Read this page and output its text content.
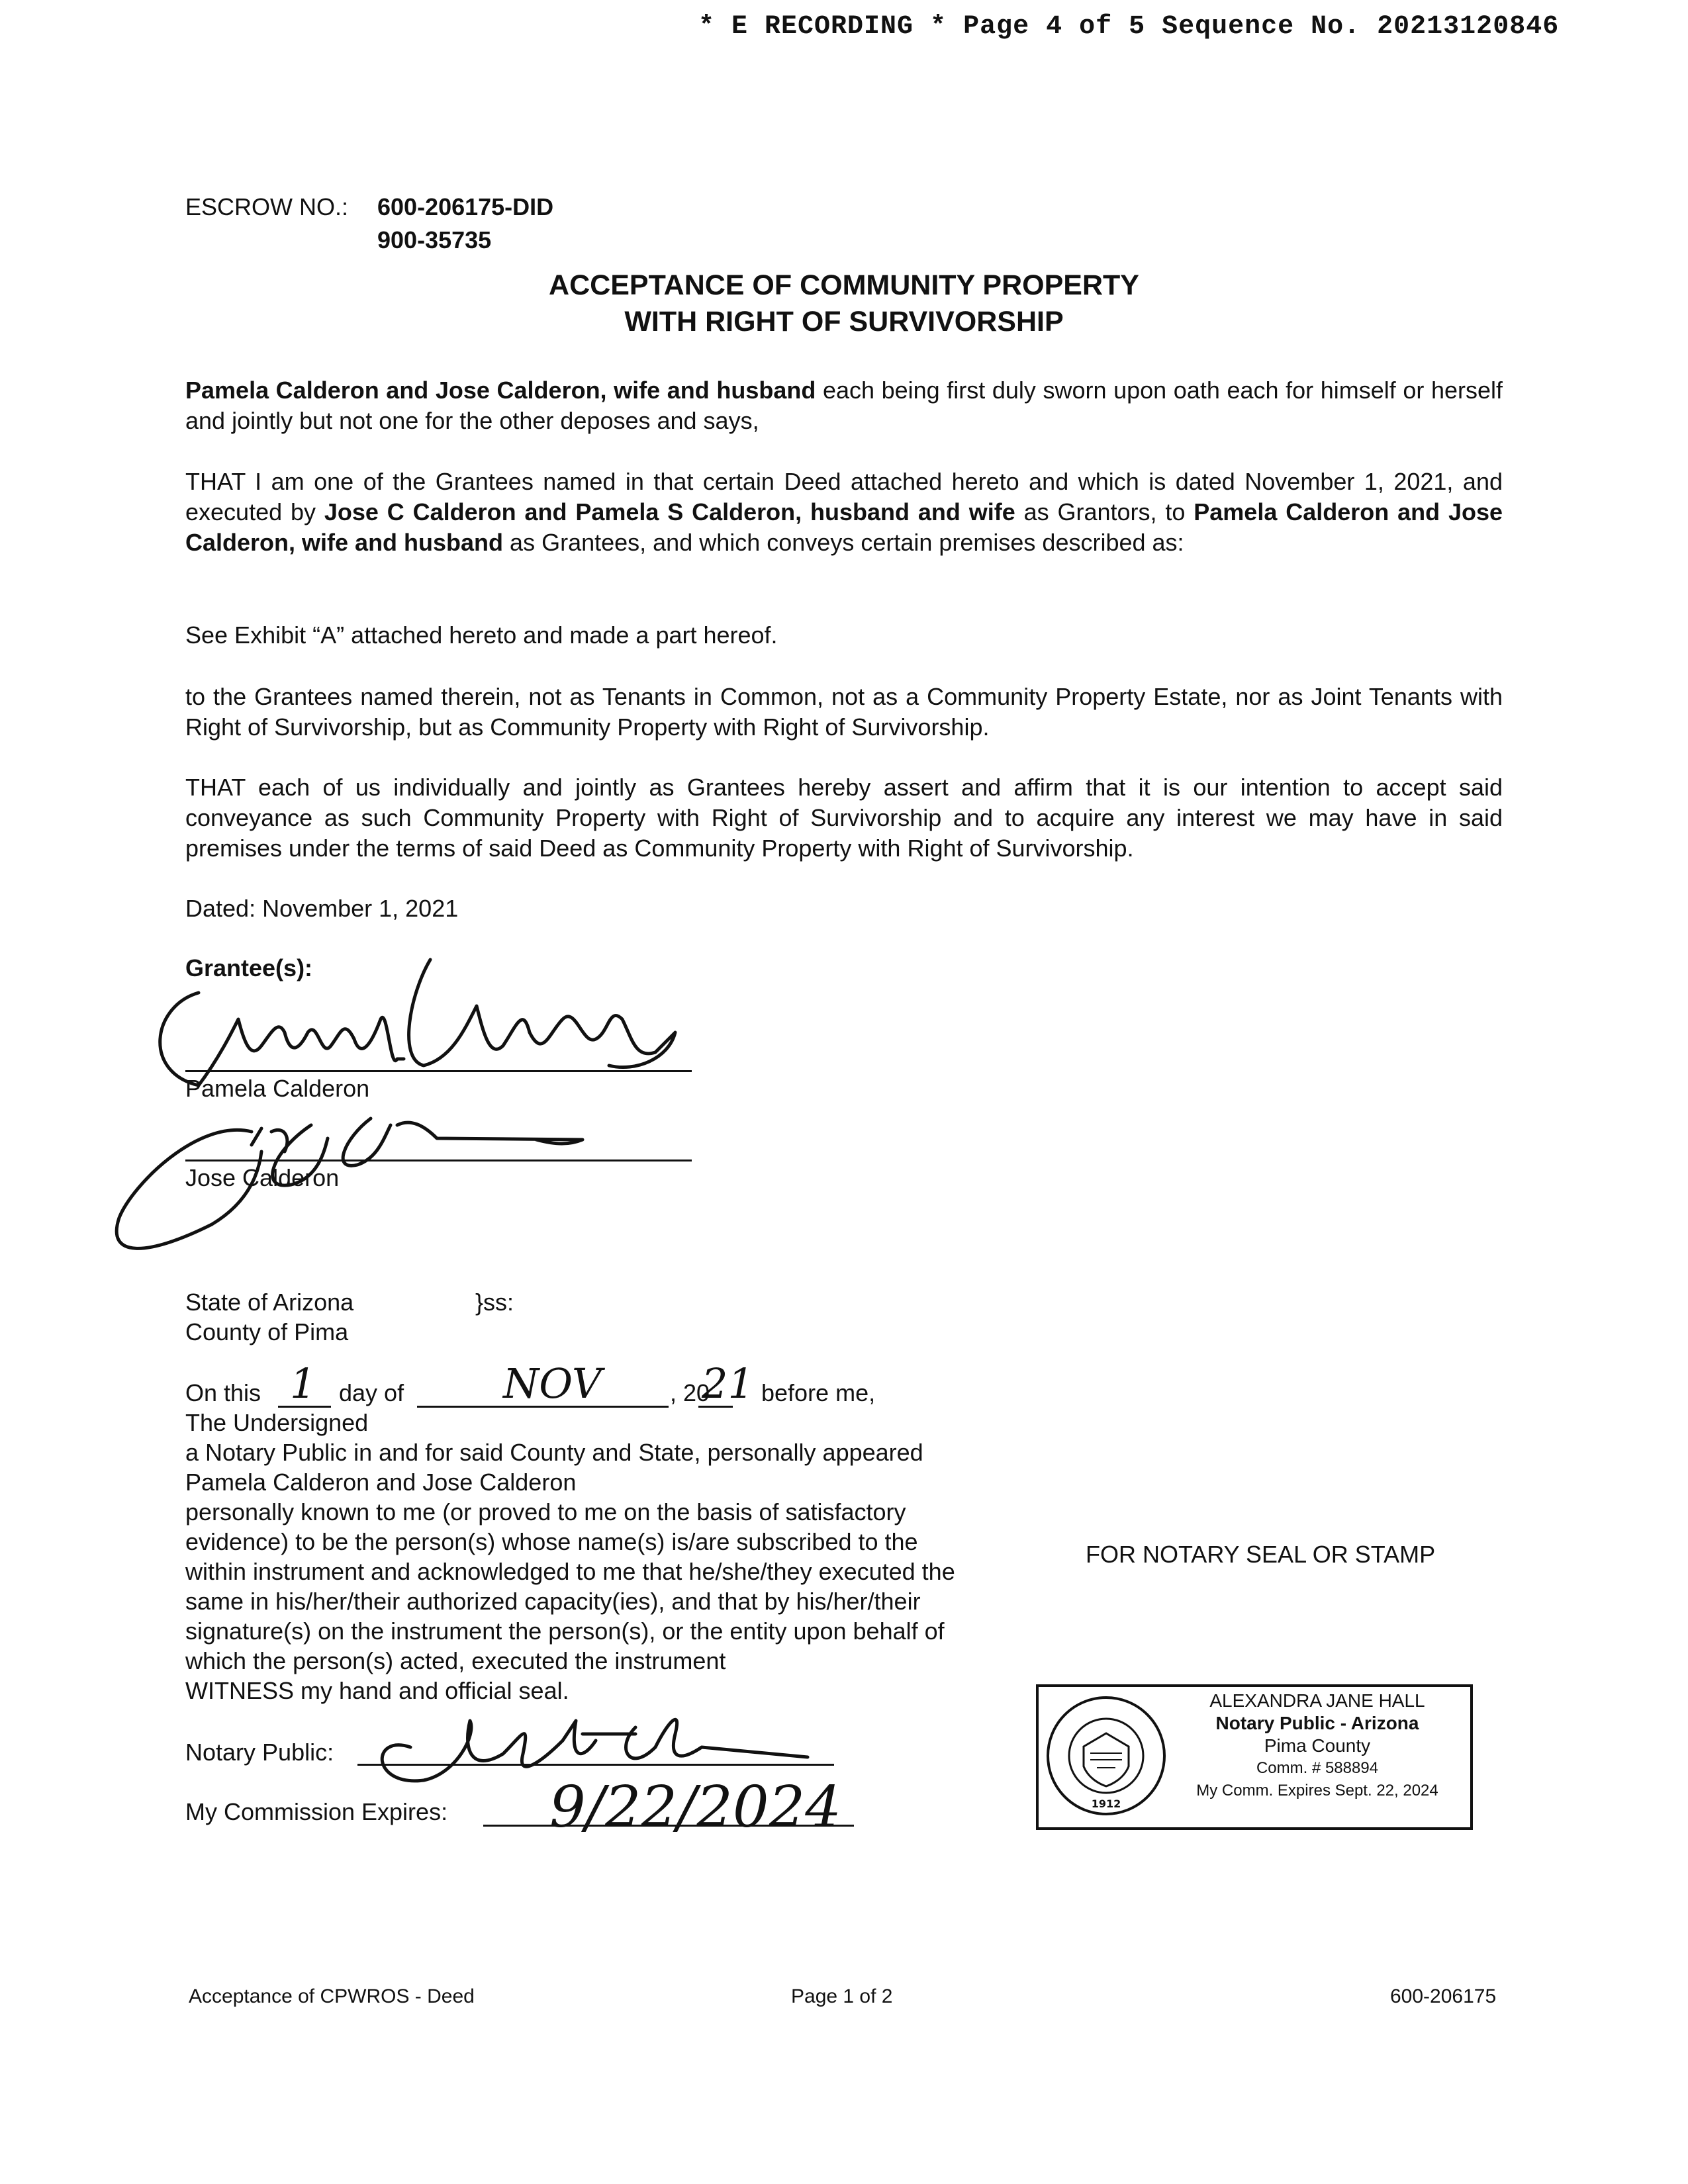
* E RECORDING * Page 4 of 5 Sequence No. 20213120846
ESCROW NO.: 600-206175-DID
900-35735
ACCEPTANCE OF COMMUNITY PROPERTY
WITH RIGHT OF SURVIVORSHIP
Pamela Calderon and Jose Calderon, wife and husband each being first duly sworn upon oath each for himself or herself and jointly but not one for the other deposes and says,
THAT I am one of the Grantees named in that certain Deed attached hereto and which is dated November 1, 2021, and executed by Jose C Calderon and Pamela S Calderon, husband and wife as Grantors, to Pamela Calderon and Jose Calderon, wife and husband as Grantees, and which conveys certain premises described as:
See Exhibit “A” attached hereto and made a part hereof.
to the Grantees named therein, not as Tenants in Common, not as a Community Property Estate, nor as Joint Tenants with Right of Survivorship, but as Community Property with Right of Survivorship.
THAT each of us individually and jointly as Grantees hereby assert and affirm that it is our intention to accept said conveyance as such Community Property with Right of Survivorship and to acquire any interest we may have in said premises under the terms of said Deed as Community Property with Right of Survivorship.
Dated: November 1, 2021
Grantee(s):
Pamela Calderon
Jose Calderon
1	NOV 21
9/22/2024
State of Arizona	}ss:
County of Pima
On this	day of	, 20 before me,
The Undersigned
a Notary Public in and for said County and State, personally appeared
Pamela Calderon and Jose Calderon
personally known to me (or proved to me on the basis of satisfactory
evidence) to be the person(s) whose name(s) is/are subscribed to the
within instrument and acknowledged to me that he/she/they executed the
same in his/her/their authorized capacity(ies), and that by his/her/their
signature(s) on the instrument the person(s), or the entity upon behalf of
which the person(s) acted, executed the instrument
WITNESS my hand and official seal.
Notary Public:
My Commission Expires:
FOR NOTARY SEAL OR STAMP
1912
ALEXANDRA JANE HALL
Notary Public - Arizona
Pima County
Comm. # 588894
My Comm. Expires Sept. 22, 2024
Acceptance of CPWROS - Deed	Page 1 of 2	600-206175
